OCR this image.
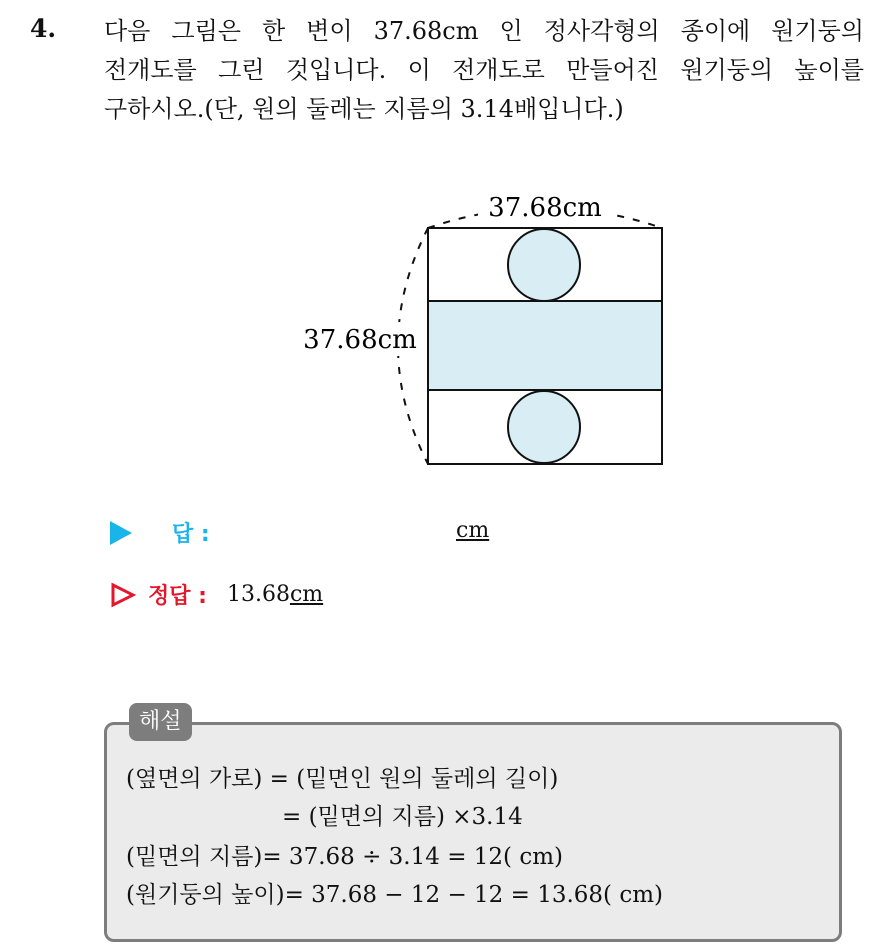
4. 다음 그림은 한 변이 37.68cm 인 정사각형의 종이에 원기둥의
전개도를 그린 것입니다. 이 전개도로 만들어진 원기둥의 높이를
구하시오.(단, 원의 둘레는 지름의 3.14배입니다.)
37.68cm
37.68cm
답 :	cm
정답 : 13.68cm
해설
(옆면의 가로) = (밑면인 원의 둘레의 길이)
= (밑면의 지름) ×3.14
(밑면의 지름)= 37.68 ÷ 3.14 = 12( cm)
(원기둥의 높이)= 37.68 − 12 − 12 = 13.68( cm)
